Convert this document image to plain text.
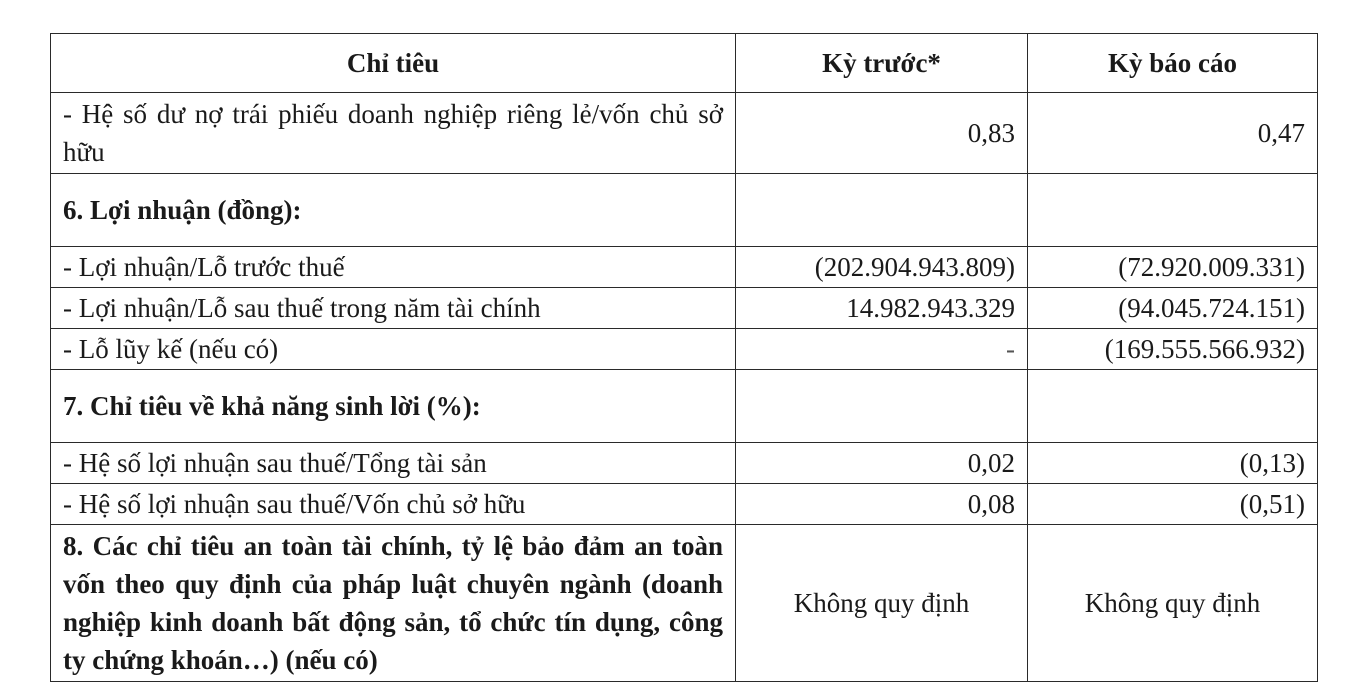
Chỉ tiêu	Kỳ trước*	Kỳ báo cáo
- Hệ số dư nợ trái phiếu doanh nghiệp riêng lẻ/vốn chủ sở hữu	0,83	0,47
6. Lợi nhuận (đồng):		
- Lợi nhuận/Lỗ trước thuế	(202.904.943.809)	(72.920.009.331)
- Lợi nhuận/Lỗ sau thuế trong năm tài chính	14.982.943.329	(94.045.724.151)
- Lỗ lũy kế (nếu có)	-	(169.555.566.932)
7. Chỉ tiêu về khả năng sinh lời (%):		
- Hệ số lợi nhuận sau thuế/Tổng tài sản	0,02	(0,13)
- Hệ số lợi nhuận sau thuế/Vốn chủ sở hữu	0,08	(0,51)
8. Các chỉ tiêu an toàn tài chính, tỷ lệ bảo đảm an toàn vốn theo quy định của pháp luật chuyên ngành (doanh nghiệp kinh doanh bất động sản, tổ chức tín dụng, công ty chứng khoán…) (nếu có)	Không quy định	Không quy định
